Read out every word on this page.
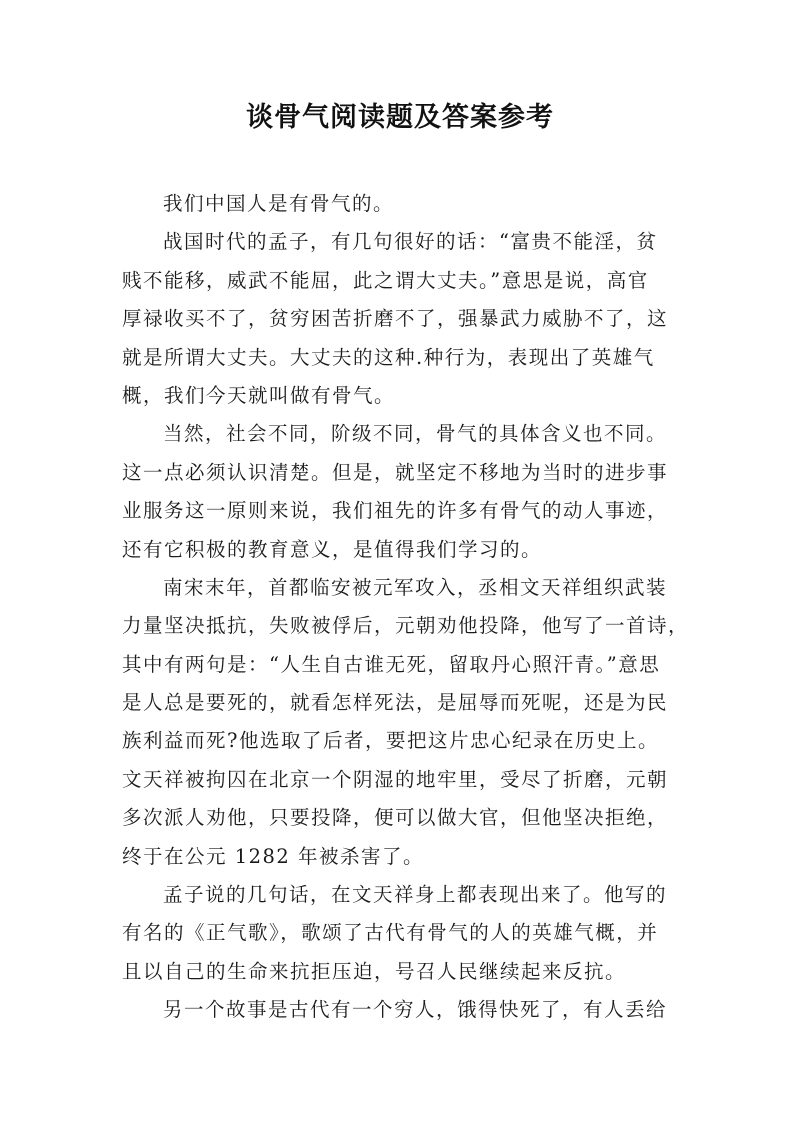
谈骨气阅读题及答案参考
我们中国人是有骨气的。
战国时代的孟子，有几句很好的话：“富贵不能淫，贫
贱不能移，威武不能屈，此之谓大丈夫。”意思是说，高官
厚禄收买不了，贫穷困苦折磨不了，强暴武力威胁不了，这
就是所谓大丈夫。大丈夫的这种.种行为，表现出了英雄气
概，我们今天就叫做有骨气。
当然，社会不同，阶级不同，骨气的具体含义也不同。
这一点必须认识清楚。但是，就坚定不移地为当时的进步事
业服务这一原则来说，我们祖先的许多有骨气的动人事迹，
还有它积极的教育意义，是值得我们学习的。
南宋末年，首都临安被元军攻入，丞相文天祥组织武装
力量坚决抵抗，失败被俘后，元朝劝他投降，他写了一首诗，
其中有两句是：“人生自古谁无死，留取丹心照汗青。”意思
是人总是要死的，就看怎样死法，是屈辱而死呢，还是为民
族利益而死?他选取了后者，要把这片忠心纪录在历史上。
文天祥被拘囚在北京一个阴湿的地牢里，受尽了折磨，元朝
多次派人劝他，只要投降，便可以做大官，但他坚决拒绝，
终于在公元 1282 年被杀害了。
孟子说的几句话，在文天祥身上都表现出来了。他写的
有名的《正气歌》，歌颂了古代有骨气的人的英雄气概，并
且以自己的生命来抗拒压迫，号召人民继续起来反抗。
另一个故事是古代有一个穷人，饿得快死了，有人丢给
